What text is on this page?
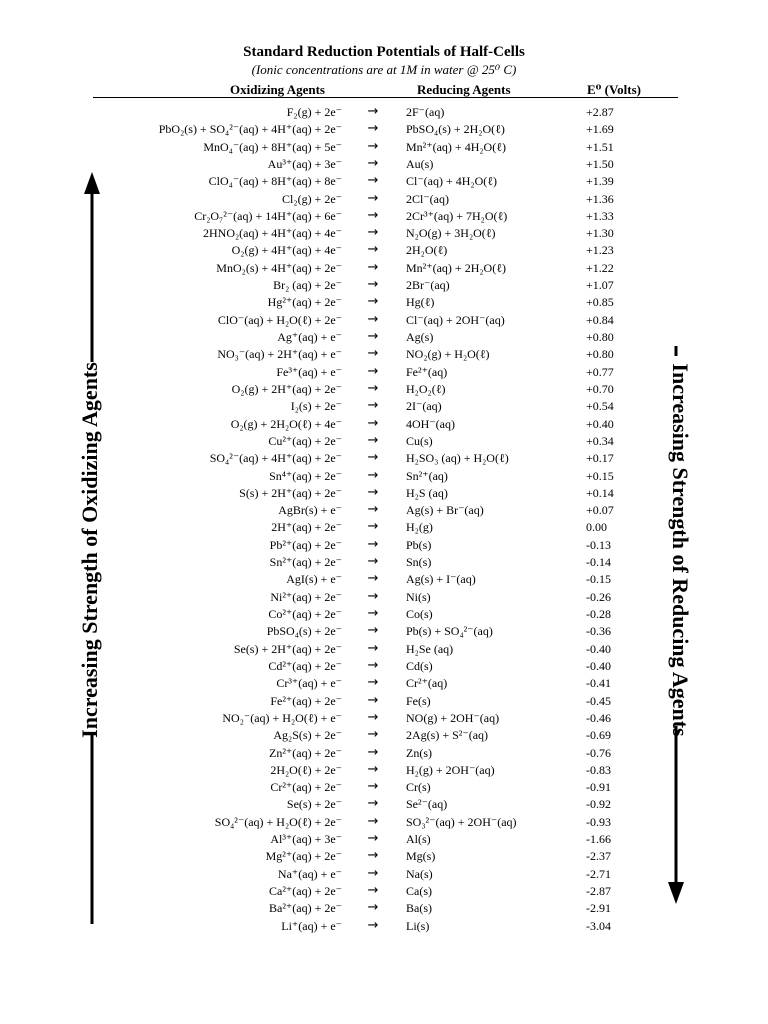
Standard Reduction Potentials of Half-Cells
(Ionic concentrations are at 1M in water @ 25⁰ C)
Oxidizing Agents	Reducing Agents	E⁰ (Volts)
F₂(g) + 2e⁻	→	2F⁻(aq)	+2.87
PbO₂(s) + SO₄²⁻(aq) + 4H⁺(aq) + 2e⁻	→	PbSO₄(s) + 2H₂O(ℓ)	+1.69
MnO₄⁻(aq) + 8H⁺(aq) + 5e⁻	→	Mn²⁺(aq) + 4H₂O(ℓ)	+1.51
Au³⁺(aq) + 3e⁻	→	Au(s)	+1.50
ClO₄⁻(aq) + 8H⁺(aq) + 8e⁻	→	Cl⁻(aq) + 4H₂O(ℓ)	+1.39
Cl₂(g) + 2e⁻	→	2Cl⁻(aq)	+1.36
Cr₂O₇²⁻(aq) + 14H⁺(aq) + 6e⁻	→	2Cr³⁺(aq) + 7H₂O(ℓ)	+1.33
2HNO₂(aq) + 4H⁺(aq) + 4e⁻	→	N₂O(g) + 3H₂O(ℓ)	+1.30
O₂(g) + 4H⁺(aq) + 4e⁻	→	2H₂O(ℓ)	+1.23
MnO₂(s) + 4H⁺(aq) + 2e⁻	→	Mn²⁺(aq) + 2H₂O(ℓ)	+1.22
Br₂ (aq) + 2e⁻	→	2Br⁻(aq)	+1.07
Hg²⁺(aq) + 2e⁻	→	Hg(ℓ)	+0.85
ClO⁻(aq) + H₂O(ℓ) + 2e⁻	→	Cl⁻(aq) + 2OH⁻(aq)	+0.84
Ag⁺(aq) + e⁻	→	Ag(s)	+0.80
NO₃⁻(aq) + 2H⁺(aq) + e⁻	→	NO₂(g) + H₂O(ℓ)	+0.80
Fe³⁺(aq) + e⁻	→	Fe²⁺(aq)	+0.77
O₂(g) + 2H⁺(aq) + 2e⁻	→	H₂O₂(ℓ)	+0.70
I₂(s) + 2e⁻	→	2I⁻(aq)	+0.54
O₂(g) + 2H₂O(ℓ) + 4e⁻	→	4OH⁻(aq)	+0.40
Cu²⁺(aq) + 2e⁻	→	Cu(s)	+0.34
SO₄²⁻(aq) + 4H⁺(aq) + 2e⁻	→	H₂SO₃ (aq) + H₂O(ℓ)	+0.17
Sn⁴⁺(aq) + 2e⁻	→	Sn²⁺(aq)	+0.15
S(s) + 2H⁺(aq) + 2e⁻	→	H₂S (aq)	+0.14
AgBr(s) + e⁻	→	Ag(s) + Br⁻(aq)	+0.07
2H⁺(aq) + 2e⁻	→	H₂(g)	0.00
Pb²⁺(aq) + 2e⁻	→	Pb(s)	-0.13
Sn²⁺(aq) + 2e⁻	→	Sn(s)	-0.14
AgI(s) + e⁻	→	Ag(s) + I⁻(aq)	-0.15
Ni²⁺(aq) + 2e⁻	→	Ni(s)	-0.26
Co²⁺(aq) + 2e⁻	→	Co(s)	-0.28
PbSO₄(s) + 2e⁻	→	Pb(s) + SO₄²⁻(aq)	-0.36
Se(s) + 2H⁺(aq) + 2e⁻	→	H₂Se (aq)	-0.40
Cd²⁺(aq) + 2e⁻	→	Cd(s)	-0.40
Cr³⁺(aq) + e⁻	→	Cr²⁺(aq)	-0.41
Fe²⁺(aq) + 2e⁻	→	Fe(s)	-0.45
NO₂⁻(aq) + H₂O(ℓ) + e⁻	→	NO(g) + 2OH⁻(aq)	-0.46
Ag₂S(s) + 2e⁻	→	2Ag(s) + S²⁻(aq)	-0.69
Zn²⁺(aq) + 2e⁻	→	Zn(s)	-0.76
2H₂O(ℓ) + 2e⁻	→	H₂(g) + 2OH⁻(aq)	-0.83
Cr²⁺(aq) + 2e⁻	→	Cr(s)	-0.91
Se(s) + 2e⁻	→	Se²⁻(aq)	-0.92
SO₄²⁻(aq) + H₂O(ℓ) + 2e⁻	→	SO₃²⁻(aq) + 2OH⁻(aq)	-0.93
Al³⁺(aq) + 3e⁻	→	Al(s)	-1.66
Mg²⁺(aq) + 2e⁻	→	Mg(s)	-2.37
Na⁺(aq) + e⁻	→	Na(s)	-2.71
Ca²⁺(aq) + 2e⁻	→	Ca(s)	-2.87
Ba²⁺(aq) + 2e⁻	→	Ba(s)	-2.91
Li⁺(aq) + e⁻	→	Li(s)	-3.04
Increasing Strength of Oxidizing Agents	Increasing Strength of Reducing Agents
